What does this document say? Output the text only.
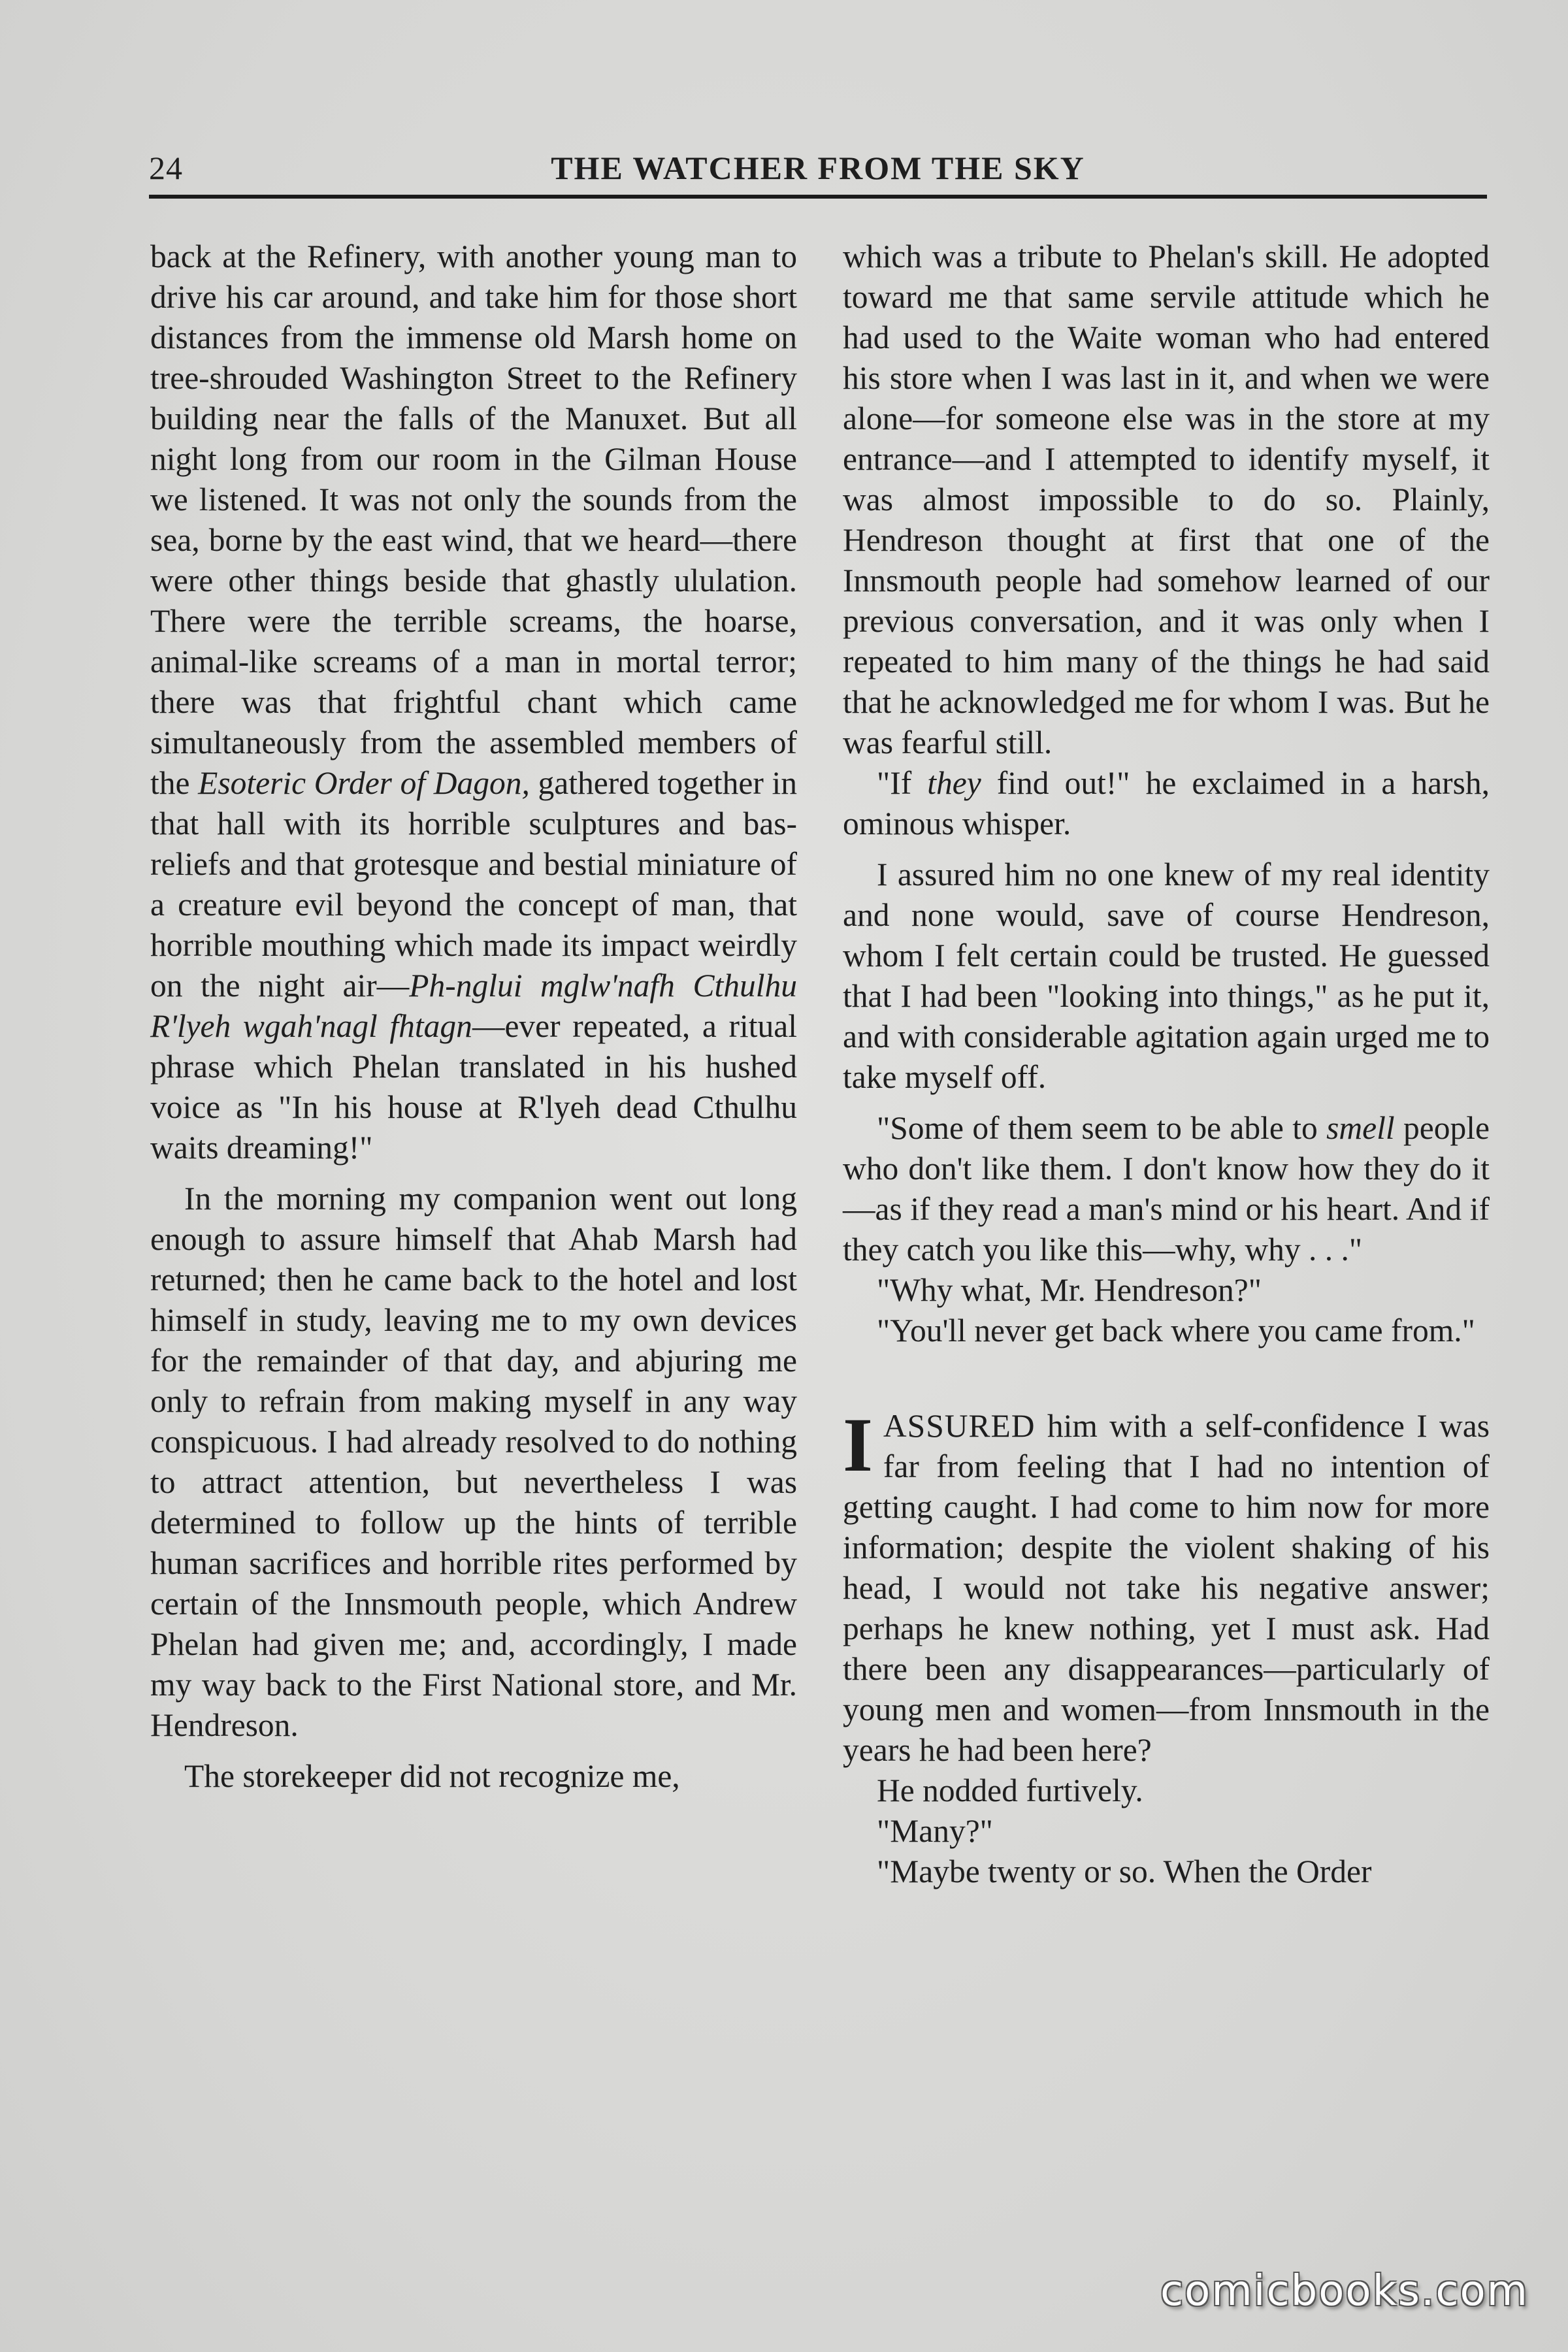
24	THE WATCHER FROM THE SKY

back at the Refinery, with another young man to drive his car around, and take him for those short distances from the immense old Marsh home on tree-shrouded Washington Street to the Refinery building near the falls of the Manuxet. But all night long from our room in the Gilman House we listened. It was not only the sounds from the sea, borne by the east wind, that we heard—there were other things beside that ghastly ululation. There were the terrible screams, the hoarse, animal-like screams of a man in mortal terror; there was that frightful chant which came simultaneously from the assembled members of the Esoteric Order of Dagon, gathered together in that hall with its horrible sculptures and bas-reliefs and that grotesque and bestial miniature of a creature evil beyond the concept of man, that horrible mouthing which made its impact weirdly on the night air—Ph-nglui mglw'nafh Cthulhu R'lyeh wgah'nagl fhtagn—ever repeated, a ritual phrase which Phelan translated in his hushed voice as "In his house at R'lyeh dead Cthulhu waits dreaming!"

In the morning my companion went out long enough to assure himself that Ahab Marsh had returned; then he came back to the hotel and lost himself in study, leaving me to my own devices for the remainder of that day, and abjuring me only to refrain from making myself in any way conspicuous. I had already resolved to do nothing to attract attention, but nevertheless I was determined to follow up the hints of terrible human sacrifices and horrible rites performed by certain of the Innsmouth people, which Andrew Phelan had given me; and, accordingly, I made my way back to the First National store, and Mr. Hendreson.

The storekeeper did not recognize me,

which was a tribute to Phelan's skill. He adopted toward me that same servile attitude which he had used to the Waite woman who had entered his store when I was last in it, and when we were alone—for someone else was in the store at my entrance—and I attempted to identify myself, it was almost impossible to do so. Plainly, Hendreson thought at first that one of the Innsmouth people had somehow learned of our previous conversation, and it was only when I repeated to him many of the things he had said that he acknowledged me for whom I was. But he was fearful still.

"If they find out!" he exclaimed in a harsh, ominous whisper.

I assured him no one knew of my real identity and none would, save of course Hendreson, whom I felt certain could be trusted. He guessed that I had been "looking into things," as he put it, and with considerable agitation again urged me to take myself off.

"Some of them seem to be able to smell people who don't like them. I don't know how they do it—as if they read a man's mind or his heart. And if they catch you like this—why, why . . ."

"Why what, Mr. Hendreson?"

"You'll never get back where you came from."

I ASSURED him with a self-confidence I was far from feeling that I had no intention of getting caught. I had come to him now for more information; despite the violent shaking of his head, I would not take his negative answer; perhaps he knew nothing, yet I must ask. Had there been any disappearances—particularly of young men and women—from Innsmouth in the years he had been here?

He nodded furtively.

"Many?"

"Maybe twenty or so. When the Order

comicbooks.com
